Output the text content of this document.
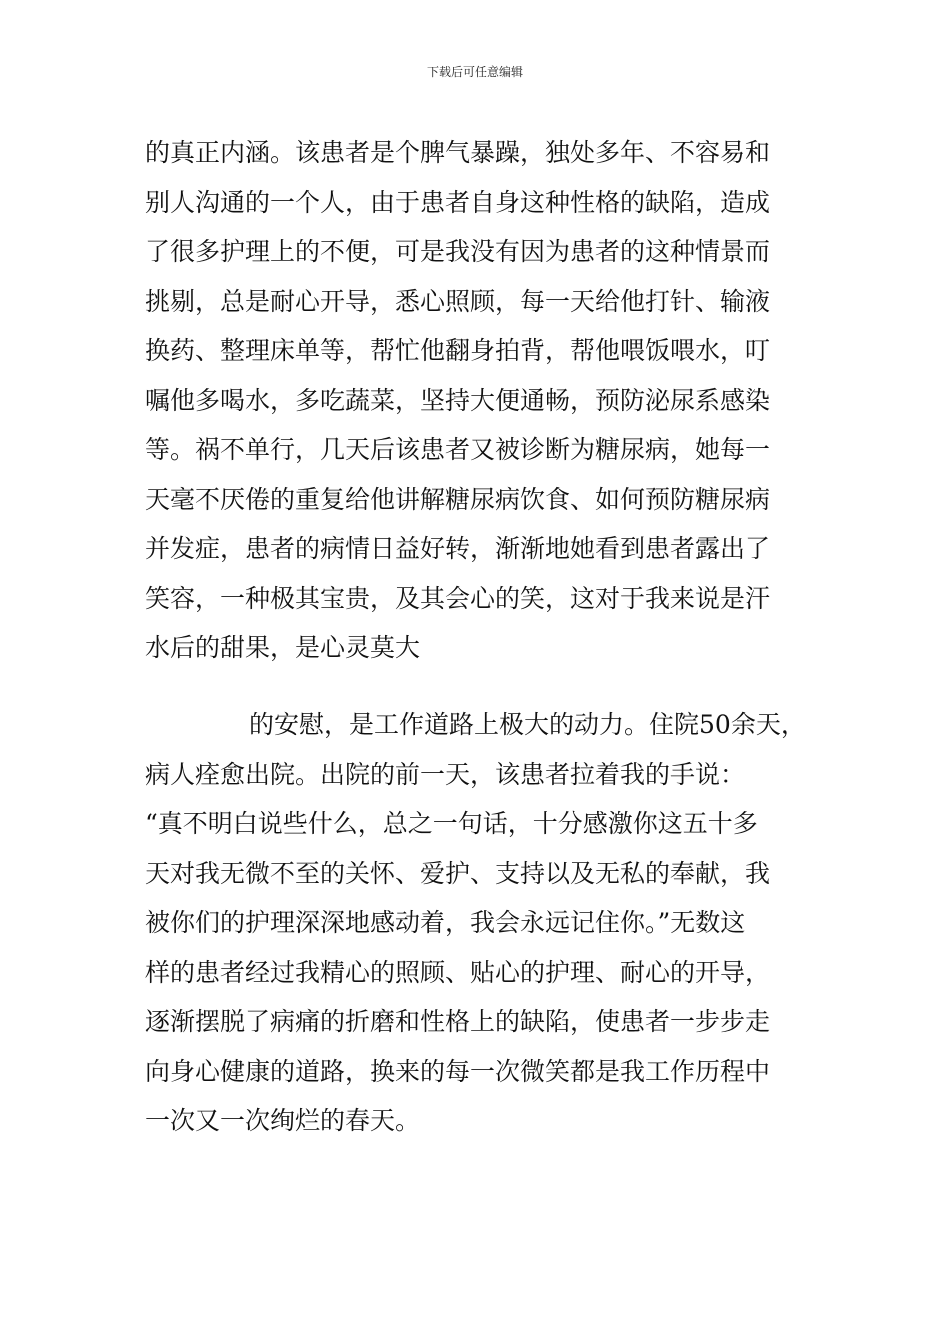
下载后可任意编辑
的真正内涵。该患者是个脾气暴躁，独处多年、不容易和
别人沟通的一个人，由于患者自身这种性格的缺陷，造成
了很多护理上的不便，可是我没有因为患者的这种情景而
挑剔，总是耐心开导，悉心照顾，每一天给他打针、输液
换药、整理床单等，帮忙他翻身拍背，帮他喂饭喂水，叮
嘱他多喝水，多吃蔬菜，坚持大便通畅，预防泌尿系感染
等。祸不单行，几天后该患者又被诊断为糖尿病，她每一
天毫不厌倦的重复给他讲解糖尿病饮食、如何预防糖尿病
并发症，患者的病情日益好转，渐渐地她看到患者露出了
笑容，一种极其宝贵，及其会心的笑，这对于我来说是汗
水后的甜果，是心灵莫大
的安慰，是工作道路上极大的动力。住院50余天，
病人痊愈出院。出院的前一天，该患者拉着我的手说：
“真不明白说些什么，总之一句话，十分感激你这五十多
天对我无微不至的关怀、爱护、支持以及无私的奉献，我
被你们的护理深深地感动着，我会永远记住你。”无数这
样的患者经过我精心的照顾、贴心的护理、耐心的开导，
逐渐摆脱了病痛的折磨和性格上的缺陷，使患者一步步走
向身心健康的道路，换来的每一次微笑都是我工作历程中
一次又一次绚烂的春天。
